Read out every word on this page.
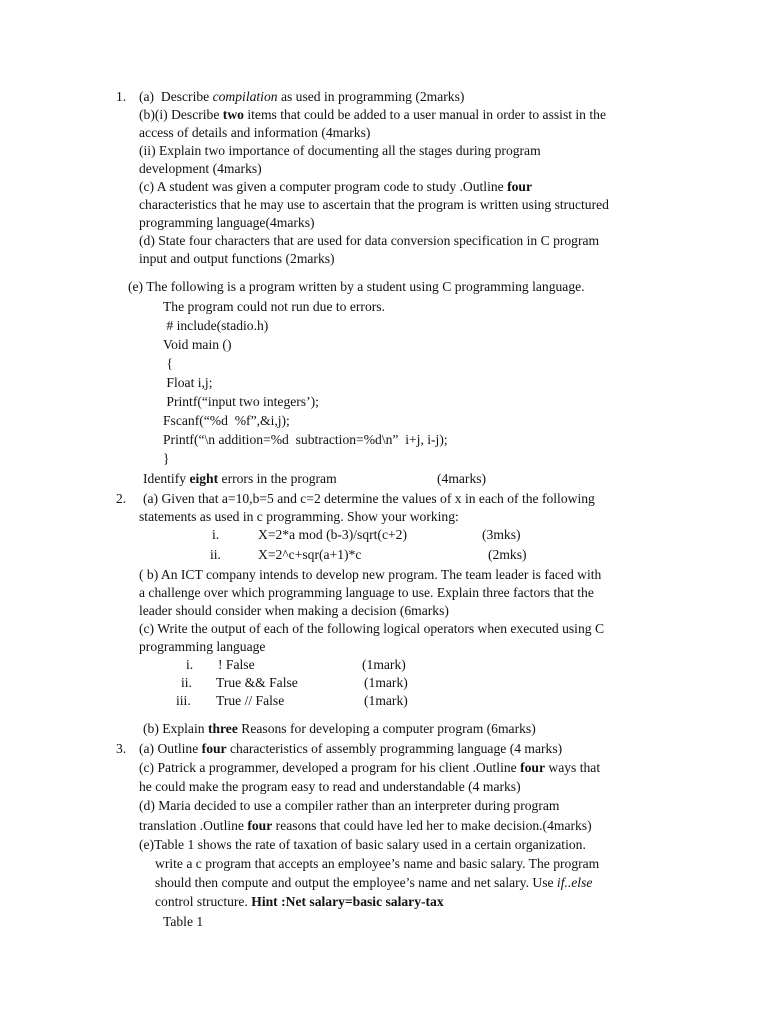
1. (a)  Describe compilation as used in programming (2marks)
(b)(i) Describe two items that could be added to a user manual in order to assist in the
access of details and information (4marks)
(ii) Explain two importance of documenting all the stages during program
development (4marks)
(c) A student was given a computer program code to study .Outline four
characteristics that he may use to ascertain that the program is written using structured
programming language(4marks)
(d) State four characters that are used for data conversion specification in C program
input and output functions (2marks)
(e) The following is a program written by a student using C programming language.
The program could not run due to errors.
# include(stadio.h)
Void main ()
{
Float i,j;
Printf(“input two integers’);
Fscanf(“%d  %f”,&i,j);
Printf(“\n addition=%d  subtraction=%d\n”  i+j, i-j);
}
Identify eight errors in the program	(4marks)
2. (a) Given that a=10,b=5 and c=2 determine the values of x in each of the following
statements as used in c programming. Show your working:
i.	X=2*a mod (b-3)/sqrt(c+2)	(3mks)
ii.	X=2^c+sqr(a+1)*c	(2mks)
( b) An ICT company intends to develop new program. The team leader is faced with
a challenge over which programming language to use. Explain three factors that the
leader should consider when making a decision (6marks)
(c) Write the output of each of the following logical operators when executed using C
programming language
i. ! False	(1mark)
ii. True && False	(1mark)
iii. True // False	(1mark)
(b) Explain three Reasons for developing a computer program (6marks)
3. (a) Outline four characteristics of assembly programming language (4 marks)
(c) Patrick a programmer, developed a program for his client .Outline four ways that
he could make the program easy to read and understandable (4 marks)
(d) Maria decided to use a compiler rather than an interpreter during program
translation .Outline four reasons that could have led her to make decision.(4marks)
(e)Table 1 shows the rate of taxation of basic salary used in a certain organization.
write a c program that accepts an employee’s name and basic salary. The program
should then compute and output the employee’s name and net salary. Use if..else
control structure. Hint :Net salary=basic salary-tax
Table 1
